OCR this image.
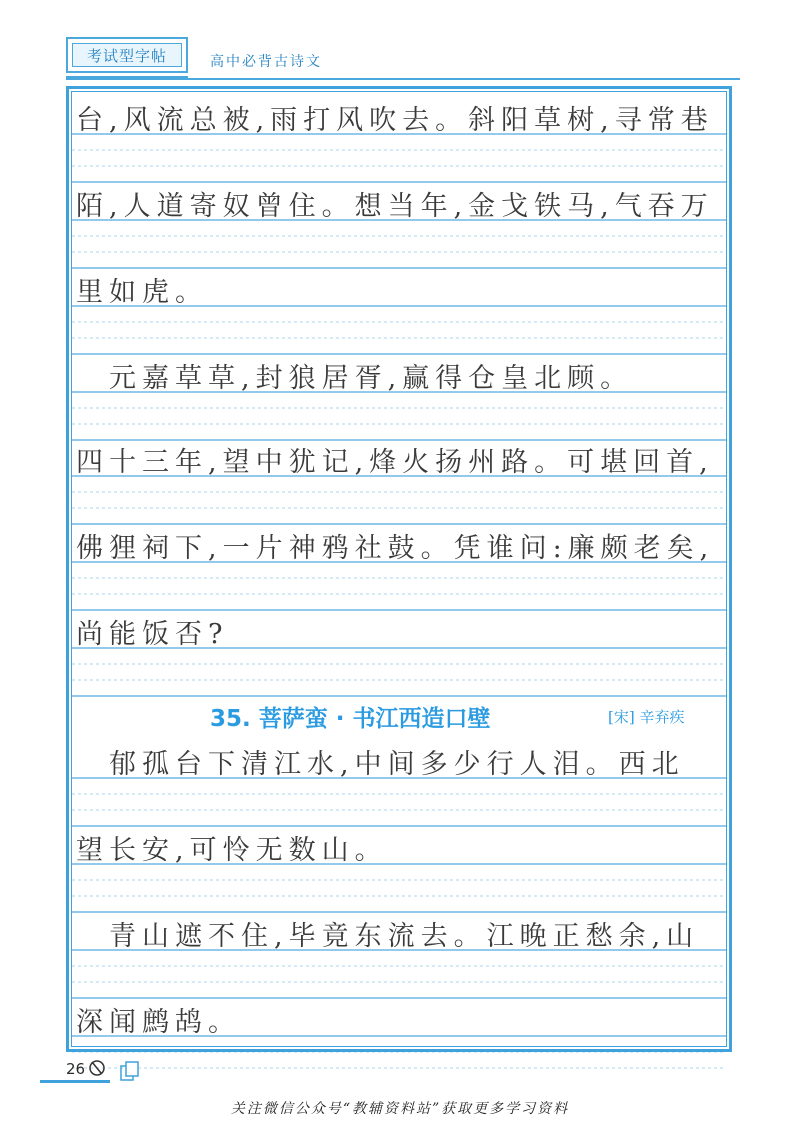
考试型字帖	高中必背古诗文
台,风流总被,雨打风吹去。斜阳草树,寻常巷
陌,人道寄奴曾住。想当年,金戈铁马,气吞万
里如虎。
　元嘉草草,封狼居胥,赢得仓皇北顾。
四十三年,望中犹记,烽火扬州路。可堪回首,
佛狸祠下,一片神鸦社鼓。凭谁问:廉颇老矣,
尚能饭否?
35. 菩萨蛮 · 书江西造口壁	[宋] 辛弃疾
　郁孤台下清江水,中间多少行人泪。西北
望长安,可怜无数山。
　青山遮不住,毕竟东流去。江晚正愁余,山
深闻鹧鸪。
26
关注微信公众号“教辅资料站”获取更多学习资料
